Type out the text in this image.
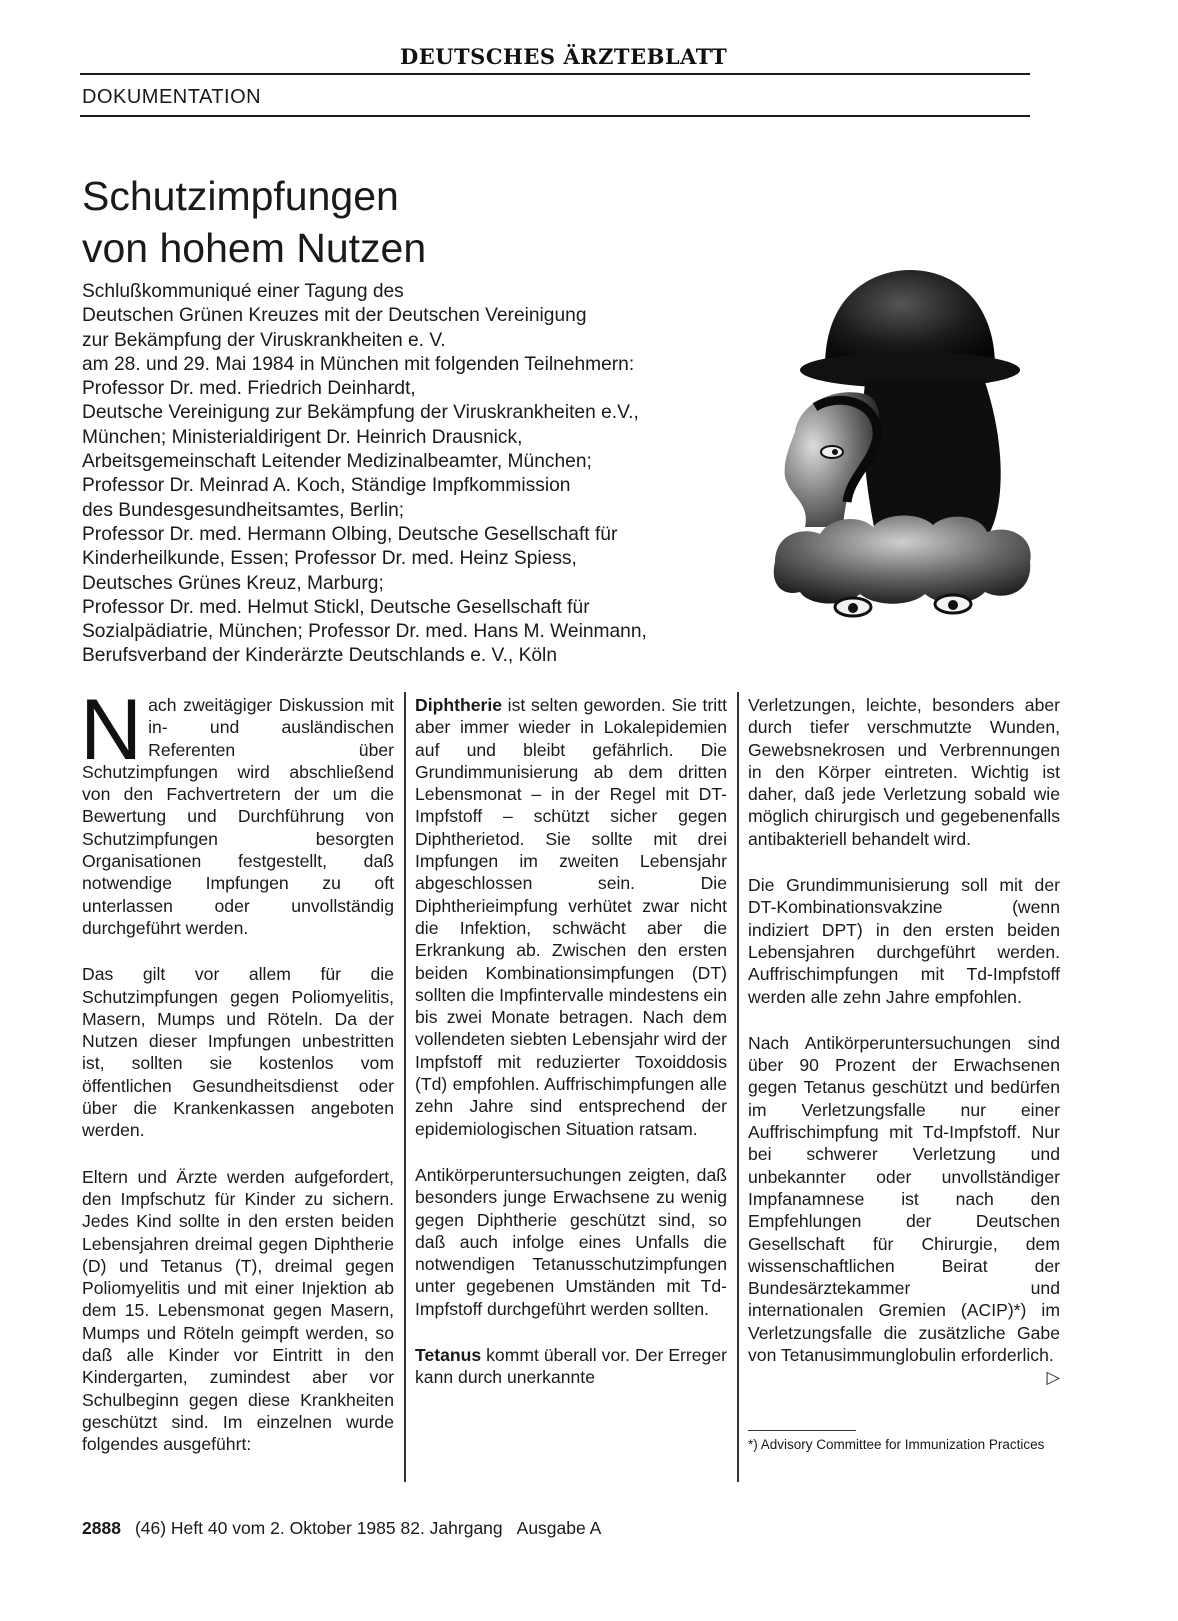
DEUTSCHES ÄRZTEBLATT
DOKUMENTATION
Schutzimpfungen
von hohem Nutzen
Schlußkommuniqué einer Tagung des
Deutschen Grünen Kreuzes mit der Deutschen Vereinigung
zur Bekämpfung der Viruskrankheiten e. V.
am 28. und 29. Mai 1984 in München mit folgenden Teilnehmern:
Professor Dr. med. Friedrich Deinhardt,
Deutsche Vereinigung zur Bekämpfung der Viruskrankheiten e.V.,
München; Ministerialdirigent Dr. Heinrich Drausnick,
Arbeitsgemeinschaft Leitender Medizinalbeamter, München;
Professor Dr. Meinrad A. Koch, Ständige Impfkommission
des Bundesgesundheitsamtes, Berlin;
Professor Dr. med. Hermann Olbing, Deutsche Gesellschaft für
Kinderheilkunde, Essen; Professor Dr. med. Heinz Spiess,
Deutsches Grünes Kreuz, Marburg;
Professor Dr. med. Helmut Stickl, Deutsche Gesellschaft für
Sozialpädiatrie, München; Professor Dr. med. Hans M. Weinmann,
Berufsverband der Kinderärzte Deutschlands e. V., Köln

Nach zweitägiger Diskussion mit in- und ausländischen Referenten über Schutzimpfungen wird abschließend von den Fachvertretern der um die Bewertung und Durchführung von Schutzimpfungen besorgten Organisationen festgestellt, daß notwendige Impfungen zu oft unterlassen oder unvollständig durchgeführt werden.

Das gilt vor allem für die Schutzimpfungen gegen Poliomyelitis, Masern, Mumps und Röteln. Da der Nutzen dieser Impfungen unbestritten ist, sollten sie kostenlos vom öffentlichen Gesundheitsdienst oder über die Krankenkassen angeboten werden.

Eltern und Ärzte werden aufgefordert, den Impfschutz für Kinder zu sichern. Jedes Kind sollte in den ersten beiden Lebensjahren dreimal gegen Diphtherie (D) und Tetanus (T), dreimal gegen Poliomyelitis und mit einer Injektion ab dem 15. Lebensmonat gegen Masern, Mumps und Röteln geimpft werden, so daß alle Kinder vor Eintritt in den Kindergarten, zumindest aber vor Schulbeginn gegen diese Krankheiten geschützt sind. Im einzelnen wurde folgendes ausgeführt:

Diphtherie ist selten geworden. Sie tritt aber immer wieder in Lokalepidemien auf und bleibt gefährlich. Die Grundimmunisierung ab dem dritten Lebensmonat – in der Regel mit DT-Impfstoff – schützt sicher gegen Diphtherietod. Sie sollte mit drei Impfungen im zweiten Lebensjahr abgeschlossen sein. Die Diphtherieimpfung verhütet zwar nicht die Infektion, schwächt aber die Erkrankung ab. Zwischen den ersten beiden Kombinationsimpfungen (DT) sollten die Impfintervalle mindestens ein bis zwei Monate betragen. Nach dem vollendeten siebten Lebensjahr wird der Impfstoff mit reduzierter Toxoiddosis (Td) empfohlen. Auffrischimpfungen alle zehn Jahre sind entsprechend der epidemiologischen Situation ratsam.

Antikörperuntersuchungen zeigten, daß besonders junge Erwachsene zu wenig gegen Diphtherie geschützt sind, so daß auch infolge eines Unfalls die notwendigen Tetanusschutzimpfungen unter gegebenen Umständen mit Td-Impfstoff durchgeführt werden sollten.

Tetanus kommt überall vor. Der Erreger kann durch unerkannte

Verletzungen, leichte, besonders aber durch tiefer verschmutzte Wunden, Gewebsnekrosen und Verbrennungen in den Körper eintreten. Wichtig ist daher, daß jede Verletzung sobald wie möglich chirurgisch und gegebenenfalls antibakteriell behandelt wird.

Die Grundimmunisierung soll mit der DT-Kombinationsvakzine (wenn indiziert DPT) in den ersten beiden Lebensjahren durchgeführt werden. Auffrischimpfungen mit Td-Impfstoff werden alle zehn Jahre empfohlen.

Nach Antikörperuntersuchungen sind über 90 Prozent der Erwachsenen gegen Tetanus geschützt und bedürfen im Verletzungsfalle nur einer Auffrischimpfung mit Td-Impfstoff. Nur bei schwerer Verletzung und unbekannter oder unvollständiger Impfanamnese ist nach den Empfehlungen der Deutschen Gesellschaft für Chirurgie, dem wissenschaftlichen Beirat der Bundesärztekammer und internationalen Gremien (ACIP)*) im Verletzungsfalle die zusätzliche Gabe von Tetanusimmunglobulin erforderlich.
▷

*) Advisory Committee for Immunization Practices
2888 (46) Heft 40 vom 2. Oktober 1985 82. Jahrgang Ausgabe A
